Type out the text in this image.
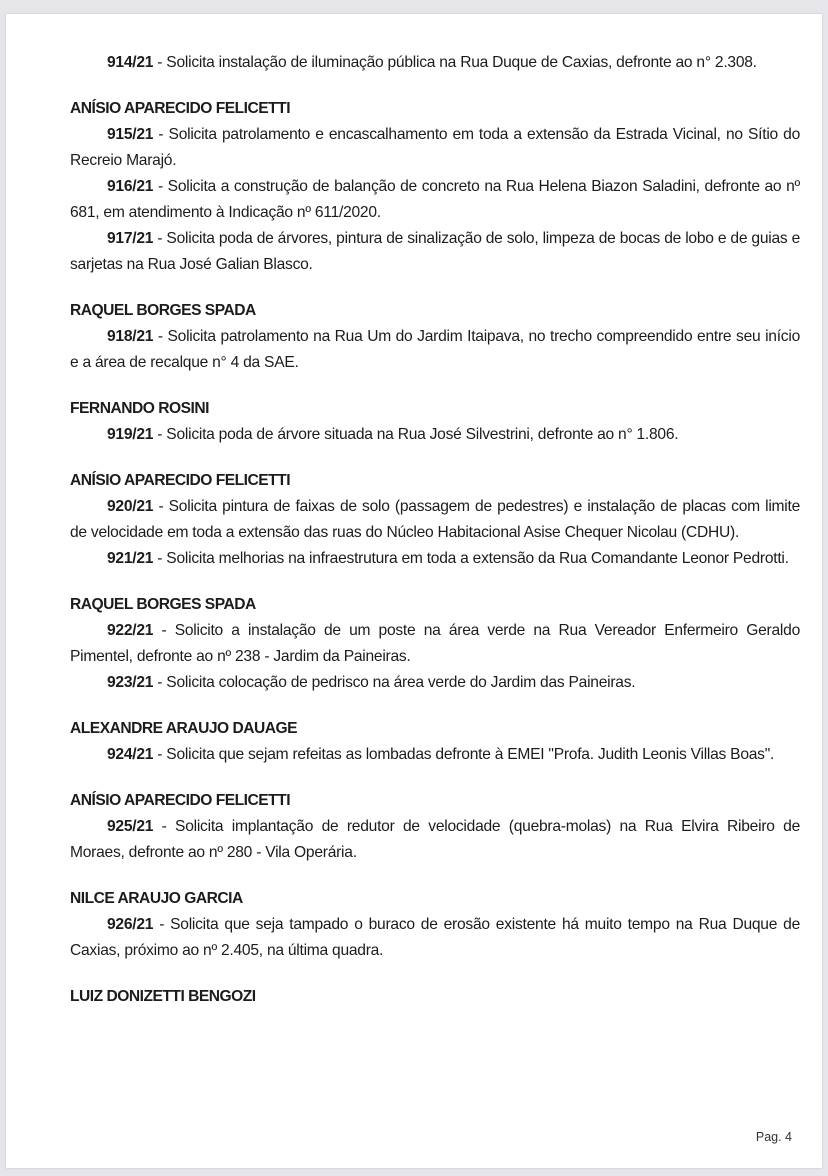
914/21 - Solicita instalação de iluminação pública na Rua Duque de Caxias, defronte ao n° 2.308.

ANÍSIO APARECIDO FELICETTI

915/21 - Solicita patrolamento e encascalhamento em toda a extensão da Estrada Vicinal, no Sítio do Recreio Marajó.

916/21 - Solicita a construção de balanção de concreto na Rua Helena Biazon Saladini, defronte ao nº 681, em atendimento à Indicação nº 611/2020.

917/21 - Solicita poda de árvores, pintura de sinalização de solo, limpeza de bocas de lobo e de guias e sarjetas na Rua José Galian Blasco.

RAQUEL BORGES SPADA

918/21 - Solicita patrolamento na Rua Um do Jardim Itaipava, no trecho compreendido entre seu início e a área de recalque n° 4 da SAE.

FERNANDO ROSINI

919/21 - Solicita poda de árvore situada na Rua José Silvestrini, defronte ao n° 1.806.

ANÍSIO APARECIDO FELICETTI

920/21 - Solicita pintura de faixas de solo (passagem de pedestres) e instalação de placas com limite de velocidade em toda a extensão das ruas do Núcleo Habitacional Asise Chequer Nicolau (CDHU).

921/21 - Solicita melhorias na infraestrutura em toda a extensão da Rua Comandante Leonor Pedrotti.

RAQUEL BORGES SPADA

922/21 - Solicito a instalação de um poste na área verde na Rua Vereador Enfermeiro Geraldo Pimentel, defronte ao nº 238 - Jardim da Paineiras.

923/21 - Solicita colocação de pedrisco na área verde do Jardim das Paineiras.

ALEXANDRE ARAUJO DAUAGE

924/21 - Solicita que sejam refeitas as lombadas defronte à EMEI "Profa. Judith Leonis Villas Boas".

ANÍSIO APARECIDO FELICETTI

925/21 - Solicita implantação de redutor de velocidade (quebra-molas) na Rua Elvira Ribeiro de Moraes, defronte ao nº 280 - Vila Operária.

NILCE ARAUJO GARCIA

926/21 - Solicita que seja tampado o buraco de erosão existente há muito tempo na Rua Duque de Caxias, próximo ao nº 2.405, na última quadra.

LUIZ DONIZETTI BENGOZI

Pag. 4
